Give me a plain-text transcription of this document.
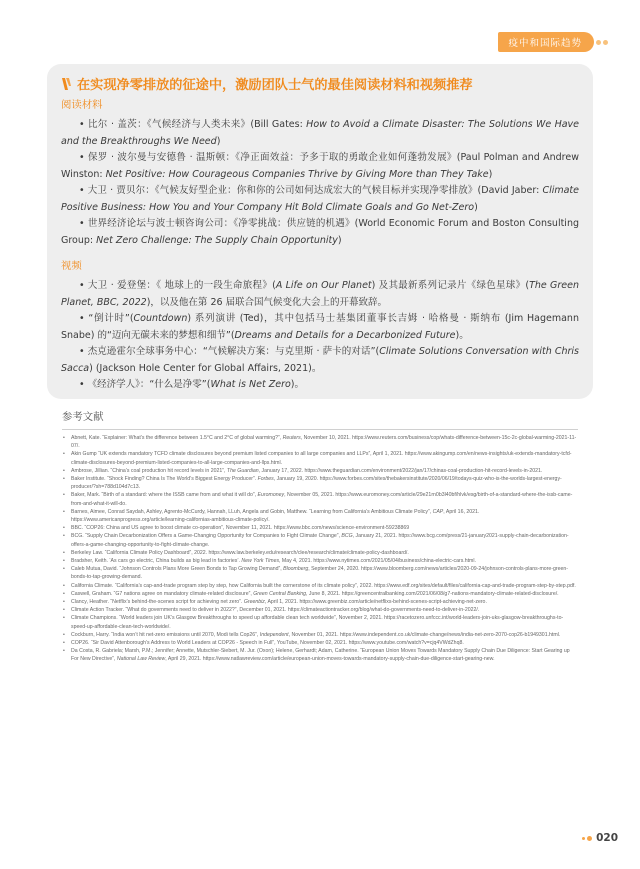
疫中和国际趋势
在实现净零排放的征途中，激励团队士气的最佳阅读材料和视频推荐
阅读材料

• 比尔 · 盖茨：《气候经济与人类未来》(Bill Gates: How to Avoid a Climate Disaster: The Solutions We Have and the Breakthroughs We Need)

• 保罗 · 波尔曼与安德鲁 · 温斯顿：《净正面效益：予多于取的勇敢企业如何蓬勃发展》(Paul Polman and Andrew Winston: Net Positive: How Courageous Companies Thrive by Giving More than They Take)

• 大卫 · 贾贝尔：《气候友好型企业：你和你的公司如何达成宏大的气候目标并实现净零排放》(David Jaber: Climate Positive Business: How You and Your Company Hit Bold Climate Goals and Go Net-Zero)

• 世界经济论坛与波士顿咨询公司：《净零挑战：供应链的机遇》(World Economic Forum and Boston Consulting Group: Net Zero Challenge: The Supply Chain Opportunity)

视频

• 大卫 · 爱登堡：《 地球上的一段生命旅程》(A Life on Our Planet) 及其最新系列记录片《绿色星球》(The Green Planet, BBC, 2022)，以及他在第 26 届联合国气候变化大会上的开幕致辞。

• “倒计时”(Countdown) 系列演讲 (Ted)，其中包括马士基集团董事长吉姆 · 哈格曼 · 斯纳布 (Jim Hagemann Snabe) 的“迈向无碳未来的梦想和细节”(Dreams and Details for a Decarbonized Future)。

• 杰克逊霍尔全球事务中心：“气候解决方案：与克里斯 · 萨卡的对话”(Climate Solutions Conversation with Chris Sacca) (Jackson Hole Center for Global Affairs, 2021)。

• 《经济学人》：“什么是净零”(What is Net Zero)。

参考文献
• Abnett, Kate. “Explainer: What’s the difference between 1.5°C and 2°C of global warming?”, Reuters, November 10, 2021. https://www.reuters.com/business/cop/whats-difference-between-15c-2c-global-warming-2021-11-07/.
• Akin Gump “UK extends mandatory TCFD climate disclosures beyond premium listed companies to all large companies and LLPs”, April 1, 2021. https://www.akingump.com/en/news-insights/uk-extends-mandatory-tcfd-climate-disclosures-beyond-premium-listed-companies-to-all-large-companies-and-llps.html.
• Ambrose, Jillian. “China’s coal production hit record levels in 2021”, The Guardian, January 17, 2022. https://www.theguardian.com/environment/2022/jan/17/chinas-coal-production-hit-record-levels-in-2021.
• Baker Institute. “Shock Finding? China Is The World’s Biggest Energy Producer”. Forbes, January 19, 2020. https://www.forbes.com/sites/thebakersinstitute/2020/06/19/todays-quiz-who-is-the-worlds-largest-energy-producer/?sh=788d104d7c13.
• Baker, Mark. “Birth of a standard: where the ISSB came from and what it will do”, Euromoney, November 05, 2021. https://www.euromoney.com/article/29e21rn0b3l40bf/hlvk/esg/birth-of-a-standard-where-the-issb-came-from-and-what-it-will-do.
• Barnes, Aimee, Conrad Saydah, Ashley, Agrento-McCurdy, Hannah, LLuh, Angela and Gobin, Matthew. “Learning from California’s Ambitious Climate Policy”, CAP, April 16, 2021. https://www.americanprogress.org/article/learning-californias-ambitious-climate-policy/.
• BBC. “COP26: China and US agree to boost climate co-operation”, November 11, 2021. https://www.bbc.com/news/science-environment-59238869
• BCG. “Supply Chain Decarbonization Offers a Game-Changing Opportunity for Companies to Fight Climate Change”, BCG, January 21, 2021. https://www.bcg.com/press/21-january2021-supply-chain-decarbonization-offers-a-game-changing-opportunity-to-fight-climate-change.
• Berkeley Law. “California Climate Policy Dashboard”, 2022. https://www.law.berkeley.edu/research/clee/research/climate/climate-policy-dashboard/.
• Bradsher, Keith. ‘As cars go electric, China builds as big lead in factories’. New York Times, May 4, 2021. https://www.nytimes.com/2021/05/04/business/china-electric-cars.html.
• Caleb Mutua, David. “Johnson Controls Plans More Green Bonds to Tap Growing Demand”, Bloomberg, September 24, 2020. https://www.bloomberg.com/news/articles/2020-09-24/johnson-controls-plans-more-green-bonds-to-tap-growing-demand.
• California Climate. “California’s cap-and-trade program step by step, how California built the cornerstone of its climate policy”, 2022. https://www.edf.org/sites/default/files/california-cap-and-trade-program-step-by-step.pdf.
• Caswell, Graham. “G7 nations agree on mandatory climate-related disclosure”, Green Central Banking, June 8, 2021. https://greencentralbanking.com/2021/06/08/g7-nations-mandatory-climate-related-disclosure/.
• Clancy, Heather. “Netflix’s behind-the-scenes script for achieving net zero”. Greenbiz, April 1, 2021. https://www.greenbiz.com/article/netflixs-behind-scenes-script-achieving-net-zero.
• Climate Action Tracker. “What do governments need to deliver in 2022?”, December 01, 2021. https://climateactiontracker.org/blog/what-do-governments-need-to-deliver-in-2022/.
• Climate Champions. “World leaders join UK’s Glasgow Breakthroughs to speed up affordable clean tech worldwide”, November 2, 2021. https://racetozero.unfccc.int/world-leaders-join-uks-glasgow-breakthroughs-to-speed-up-affordable-clean-tech-worldwide/.
• Cockburn, Harry. “India won’t hit net-zero emissions until 2070, Modi tells Cop26”, Independent, November 01, 2021. https://www.independent.co.uk/climate-change/news/india-net-zero-2070-cop26-b1949301.html.
• COP26. “Sir David Attenborough’s Address to World Leaders at COP26 - Speech in Full”, YouTube, November 02, 2021. https://www.youtube.com/watch?v=cjq4VWdZhq8.
• Da Costa, R. Gabriela; Marsh, P.M.; Jennifer; Annette, Mutschler-Siebert, M. Jur. (Oxon); Helene, Gerhardt; Adam, Catherine. “European Union Moves Towards Mandatory Supply Chain Due Diligence: Start Gearing up For New Directive”, National Law Review, April 29, 2021. https://www.natlawreview.com/article/european-union-moves-towards-mandatory-supply-chain-due-diligence-start-gearing-new.
020
